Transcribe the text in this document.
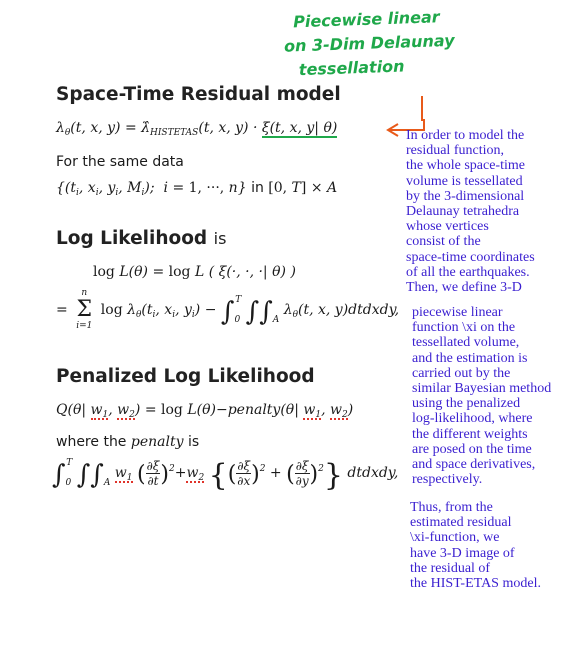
Piecewise linear
on 3-Dim Delaunay
tessellation
Space-Time Residual model
$\lambda_\theta(t$, x, $y) = \lambdâ_{HISTETAS}(t$, x, y) · ξ(t, x, y| θ)
For the same data
{($t_i$, $x_i$, $y_i$, $M_i$);  i = 1, ···, n} in [0, T] × A
Log Likelihood is
log L(θ) = log L ( ξ(·, ·, ·| θ) )
=
n
Σ
i=1
$\log \lambda_\theta(t_i$, $x_i$, $y_i) - \int_0^T$ $\int\int_A$ $\lambda_\theta(t$, x, y)dtdxdy,
Penalized Log Likelihood
Q(θ| $w_1$, $w_2) = \log$ L(θ)−penalty(θ| $w_1$, $w_2$)
where the penalty is
$\int_0^T$ $\int\int_A$ $w_1$ ( $\frac{\partial\xi}{\partial t} )^2+w_2$ {( $\frac{\partial\xi}{\partial x} )^2$ + ( $\frac{\partial\xi}{\partial y} )^2$} dtdxdy,
In order to model the
residual function,
the whole space-time
volume is tessellated
by the 3-dimensional
Delaunay tetrahedra
whose vertices
consist of the
space-time coordinates
of all the earthquakes.
Then, we define 3-D
piecewise linear
function \xi on the
tessellated volume,
and the estimation is
carried out by the
similar Bayesian method
using the penalized
log-likelihood, where
the different weights
are posed on the time
and space derivatives,
respectively.
Thus, from the
estimated residual
\xi-function, we
have 3-D image of
the residual of
the HIST-ETAS model.
